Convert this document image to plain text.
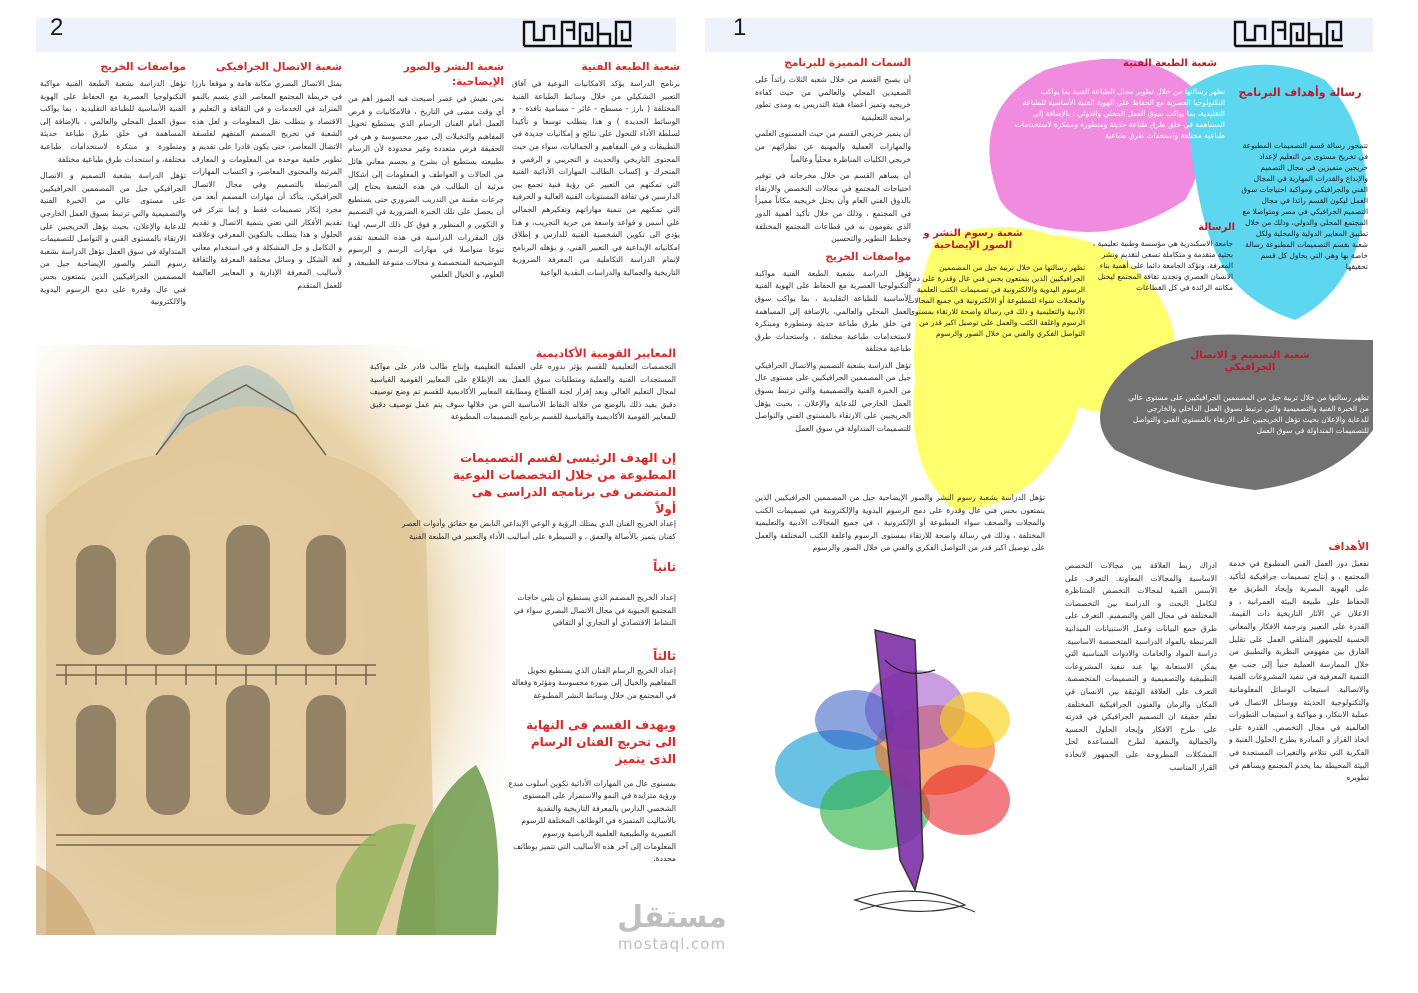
2
شعبة الطبعة الفنية

برنامج الدراسة يؤكد الامكانيات النوعية في آفاق التعبير التشكيلي من خلال وسائط الطباعة الفنية المختلفة ( بارز - مسطح - غائر - مسامية نافذة - و الوسائط الجديدة ) و هذا يتطلب توسعا و تأكيدا لسلطة الأداء للتحول على نتائج و إمكانيات جديدة في التطبيقات و في المفاهيم و الجماليات، سواء من حيث المحتوى التاريخي والحديث و التجريبي و الرقمي و المتحرك و إكساب الطالب المهارات الأدائية الفنية التي تمكنهم من التعبير عن رؤية فنية تجمع بين الدارسين في ثقافة المستويات الفنية العالية و الحرفية التي تمكنهم من تنمية مهاراتهم وتفكيرهم الجمالي علي أسس و قواعد واسعة من حرية التجريب، و هذا يؤدي الى تكوين الشخصية الفنية للدارس و إطلاق امكانياته الإبداعية في التعبير الفني، و يؤهله البرنامج لإتمام الدراسة التكاملية من المعرفة الضرورية التاريخية والجمالية والدراسات النقدية الواعية

شعبة النشر والصور الإيضاحية:

نحن نعيش في عصر أصبحت فيه الصور أهم من أي وقت مضى في التاريخ ، فالامكانيات و فرص العمل أمام الفنان الرسام الذي يستطيع تحويل المفاهيم والتخيلات إلى صور محسوسة و هي في الحقيقة فرص متعددة وغير محدودة لأن الرسام بطبيعته يستطيع أن يشرح و يجسم معاني هائل من الحالات و العواطف و المعلومات إلى أشكال مرئية أن الطالب في هذه الشعبة يحتاج إلى جرعات مقننة من التدريب الضروري حتى يستطيع أن يحصل على تلك الخبرة الضرورية في التصميم و التكوين و المنظور و فوق كل ذلك الرسم، لهذا فإن المقررات الدراسية في هذه الشعبة تقدم تنوعا متواصلا في مهارات الرسم و الرسوم التوضيحية المتخصصة و مجالات متنوعة الطبيعة، و العلوم، و الخيال العلمي

شعبة الاتصال الجرافيكى

يمثل الاتصال البصري مكانة هامة و موقعا بارزا في خريطة المجتمع المعاصر الذي يتسم بالنمو المتزايد في الخدمات و في الثقافة و التعليم و الاقتصاد و يتطلب نقل المعلومات و لعل هذه الشعبة في تخريج المصمم المتفهم لفلسفة الاتصال المعاصر، حتى يكون قادرا على تقديم و تطوير خلفية موحدة من المعلومات و المعارف المرئية والمحتوى المعاصر، و اكتساب المهارات المرتبطة بالتصميم وفي مجال الاتصال الجرافيكي. يتأكد أن مهارات المصمم أبعد من مجرد إتكار تصميمات فقط و إنما تتركز في تقديم الأفكار التي تعني بتنمية الاتصال و تقديم الحلول و هذا يتطلب بالتكوين المعرفي وعلاقته و التكامل و حل المشكلة و في استخدام معاني لغة الشكل و وسائل مختلفة المعرفة والثقافة لأساليب المعرفة الإدارية و المعايير العالمية للعمل المتقدم

مواصفات الخريج

تؤهل الدراسة بشعبة الطبعة الفنية مواكبة التكنولوجيا العصرية مع الحفاظ على الهوية الفنية الأساسية للطباعة التقليدية ، بما يواكب سوق العمل المحلي والعالمي ، بالإضافة إلى المساهمة في خلق طرق طباعة حديثة ومتطورة و مبتكرة لاستخدامات طباعية مختلفة، و استحداث طرق طباعية مختلفة

تؤهل الدراسة بشعبة التصميم و الاتصال الجرافيكي جيل من المصممين الجرافيكيين على مستوى عالي من الخبرة الفنية والتصميمية والتي ترتبط بسوق العمل الخارجي للدعاية والإعلان، بحيث يؤهل الخريجيين على الارتقاء بالمستوى الفني و التواصل للتصميمات المتداولة في سوق العمل تؤهل الدراسة بشعبة رسوم النشر والصور الإيضاحية جيل من المصممين الجرافيكيين الذين يتمتعون بحس فني عال وقدرة على دمج الرسوم اليدوية والالكترونية

المعايير القومية الأكاديمية
التخصصات التعليمية للقسم يؤثر بدوره على العملية التعليمية وإنتاج طالب قادر على مواكبة المستجدات الفنية والعملية ومتطلبات سوق العمل بعد الإطلاع على المعايير القومية القياسية لمجال التعليم العالي وبعد إقرار لجنة القطاع ومطابقة المعايير الأكاديمية للقسم تم وضع توصيف دقيق يفيد ذلك بالوضع من خلاله النقاط الأساسية التي من خلالها سوف يتم عمل توصيف دقيق للمعايير القومية الأكاديمية والقياسية للقسم برنامج التصميمات المطبوعة
إن الهدف الرئيسى لقسم التصميمات المطبوعة من خلال التخصصات النوعية المتضمن فى برنامجه الدراسى هى
أولاً
إعداد الخريج الفنان الذي يمتلك الرؤية و الوعي الإبداعي النابض مع حقائق وأدوات العصر كفنان يتميز بالأصالة والعمق ، و السيطرة على أساليب الأداء والتعبير في الطبعة الفنية
ثانياً
إعداد الخريج المصمم الذي يستطيع أن يلبي حاجات المجتمع الحيوية في مجال الاتصال البصري سواء في النشاط الاقتصادي أو التجاري أو الثقافي
ثالثاً
إعداد الخريج الرسام الفنان الذي يستطيع تحويل المفاهيم والخيال إلى صورة محسوسة ومؤثرة وفعالة في المجتمع من خلال وسائط النشر المطبوعة
ويهدف القسم فى النهاية الى تخريج الفنان الرسام الذى يتميز
بمستوى عال من المهارات الأدائية تكوين أسلوب مبدع ورؤية متزايدة في النمو والاستمرار على المستوى الشخصي الدارس بالمعرفة التاريخية والنقدية بالأساليب المتميزة في الوظائف المختلفة للرسوم التعبيرية والطبيعية العلمية الرياضية ورسوم المعلومات إلى آخر هذه الأساليب التي تتميز بوظائف محددة.
1
شعبة الطبعة الفنية
تظهر رسالتها من خلال تطوير مجال الطباعة الفنية بما يواكب التكنولوجيا العصرية مع الحفاظ على الهوية الفنية الأساسية للطباعة التقليدية، بما يواكب سوق العمل المحلي والدولي ، بالإضافة إلى المساهمة في خلق طرق طباعة حديثة ومتطورة ومبتكرة لاستخدامات طباعية مختلفة واستحداث طرق طباعية
رسالة وأهداف البرنامج
تتمحور رسالة قسم التصميمات المطبوعة في تخريج مستوى من التعليم لإعداد خريجين متميزين في مجال التصميم والإبداع والقدرات المهارية في المجال الفني والجرافيكي ومواكبة احتياجات سوق العمل ليكون القسم رائدا في مجال التصميم الجرافيكي في مصر ومتواصلا مع المجتمع المحلي والدولي، وذلك من خلال تطبيق المعايير الدولية والمحلية ولكل شعبة بقسم التصميمات المطبوعة رسالة خاصة بها وهي التي يحاول كل قسم تحقيقها
شعبة رسوم النشر و الصور الإيضاحية
تظهر رسالتها من خلال تربية جيل من المصممين الجرافيكيين الذين يتمتعون بحس فني عال وقدرة على دمج الرسوم اليدوية والالكترونية في تصميمات الكتب العلمية والمجلات سواء للمطبوعة أو الالكترونية في جميع المجالات الأدبية والتعليمية و ذلك في رسالة واضحة للارتقاء بمستوى الرسوم واغلفة الكتب والعمل على توصيل اكبر قدر من التواصل الفكري والفني من خلال الصور والرسوم
الرسالة
جامعة الاسكندرية هي مؤسسة وطنية تعليمية ، بحثية متقدمة و متكاملة تسعى لتقديم ونشر المعرفة، وتؤكد الجامعة دائما على أهمية بناء الانسان العصري وتجديد ثقافة المجتمع ليحتل مكانته الرائدة في كل القطاعات
شعبة التصميم و الاتصال الجرافيكي
تظهر رسالتها من خلال تربية جيل من المصممين الجرافيكيين على مستوى عالي من الخبرة الفنية والتصميمية والتي ترتبط بسوق العمل الداخلي والخارجي للدعاية والإعلان بحيث تؤهل الخريجيين على الارتقاء بالمستوى الفني والتواصل للتصميمات المتداولة في سوق العمل
السمات المميزة للبرنامج

أن يصبح القسم من خلال شعبه الثلاث رائداً على الصعيدين المحلي والعالمي من حيث كفاءة خريجيه وتميز أعضاء هيئة التدريس به ومدى تطور برامجه التعليمية

أن يتميز خريجي القسم من حيث المستوى العلمي والمهارات العملية والمهنية عن نظرائهم من خريجي الكليات المناظرة محلياً وعالمياً

أن يساهم القسم من خلال مخرجاته في توفير احتياجات المجتمع في مجالات التخصص والارتقاء بالذوق الفني العام وأن يحتل خريجيه مكاناً مميزاً في المجتمع ، وذلك من خلال تأكيد أهمية الدور الذي يقومون به في قطاعات المجتمع المختلفة وخطط التطوير والتحسين

مواصفات الخريج

تؤهل الدراسة بشعبة الطبعة الفنية مواكبة التكنولوجيا العصرية مع الحفاظ على الهوية الفنية الأساسية للطباعة التقليدية ، بما يواكب سوق العمل المحلي والعالمي، بالإضافة إلى المساهمة في خلق طرق طباعة حديثة ومتطورة ومبتكرة لاستخدامات طباعية مختلفة ، واستحداث طرق طباعية مختلفة

تؤهل الدراسة بشعبة التصميم والاتصال الجرافيكي جيل من المصممين الجرافيكيين على مستوى عال من الخبرة الفنية والتصميمية والتي ترتبط بسوق العمل الخارجي للدعاية والإعلان ، بحيث يؤهل الخريجيين على الارتقاء بالمستوى الفني والتواصل للتصميمات المتداولة في سوق العمل

تؤهل الدراسة بشعبة رسوم النشر والصور الإيضاحية جيل من المصممين الجرافيكيين الذين يتمتعون بحس فني عال وقدرة على دمج الرسوم اليدوية والإلكترونية في تصميمات الكتب والمجلات والصحف سواء المطبوعة أو الإلكترونية ، في جميع المجالات الأدبية والتعليمية المختلفة ، وذلك في رسالة واضحة للارتقاء بمستوى الرسوم واغلفة الكتب المختلفة والعمل على توصيل اكبر قدر من التواصل الفكري والفني من خلال الصور والرسوم	الأهداف

تفعيل دور العمل الفني المطبوع في خدمة المجتمع ، و إنتاج تصميمات جرافيكية لتأكيد على الهوية البصرية وإيجاد الطريق مع الحفاظ على طبيعة البيئة العمرانية ، و الاعلان عن الآثار التاريخية ذات القيمة. القدرة على التعبير وترجمة الافكار والمعاني الحسية للجمهور المتلقي العمل على تقليل الفارق بين مفهومي النظرية والتطبيق من خلال الممارسة العملية جنباً إلى جنب مع التنمية المعرفية في تنفيذ المشروعات الفنية والاتصالية. استيعاب الوسائل المعلوماتية والتكنولوجية الحديثة ووسائل الاتصال في عملية الابتكار، و مواكبة و استيعاب التطورات العالمية في مجال التخصص. القدرة على اتخاذ القرار و المبادرة بطرح الحلول الفنية و الفكرية التي تتلاءم والتغيرات المستجدة في البيئة المحيطة بما يخدم المجتمع ويساهم في تطويره

ادراك ربط العلاقة بين مجالات التخصص الاساسية والمجالات المعاونة. التعرف على الأسس الفنية لمجالات التخصص المتناظرة لتكامل البحث و الدراسة بين التخصصات المختلفة في مجال الفن والتصميم. التعرف على طرق جمع البيانات وعمل الاستبيانات الميدانية المرتبطة بالمواد الدراسية المتخصصة الاساسية. دراسة المواد والخامات والادوات المناسبة التي يمكن الاستعانة بها عند تنفيذ المشروعات التطبيقية والتصميمية و التصميمات المتخصصة. التعرف على العلاقة الوثيقة بين الانسان في المكان والزمان والفنون الجرافيكية المختلفة. تعلم حقيقة ان التصميم الجرافيكي في قدرته على طرح الافكار وإيجاد الحلول الحسية والجمالية والنفعية لطرح المساعدة لحل المشكلات المطروحة على الجمهور لاتخاذه القرار المناسب

مستقل
mostaql.com
